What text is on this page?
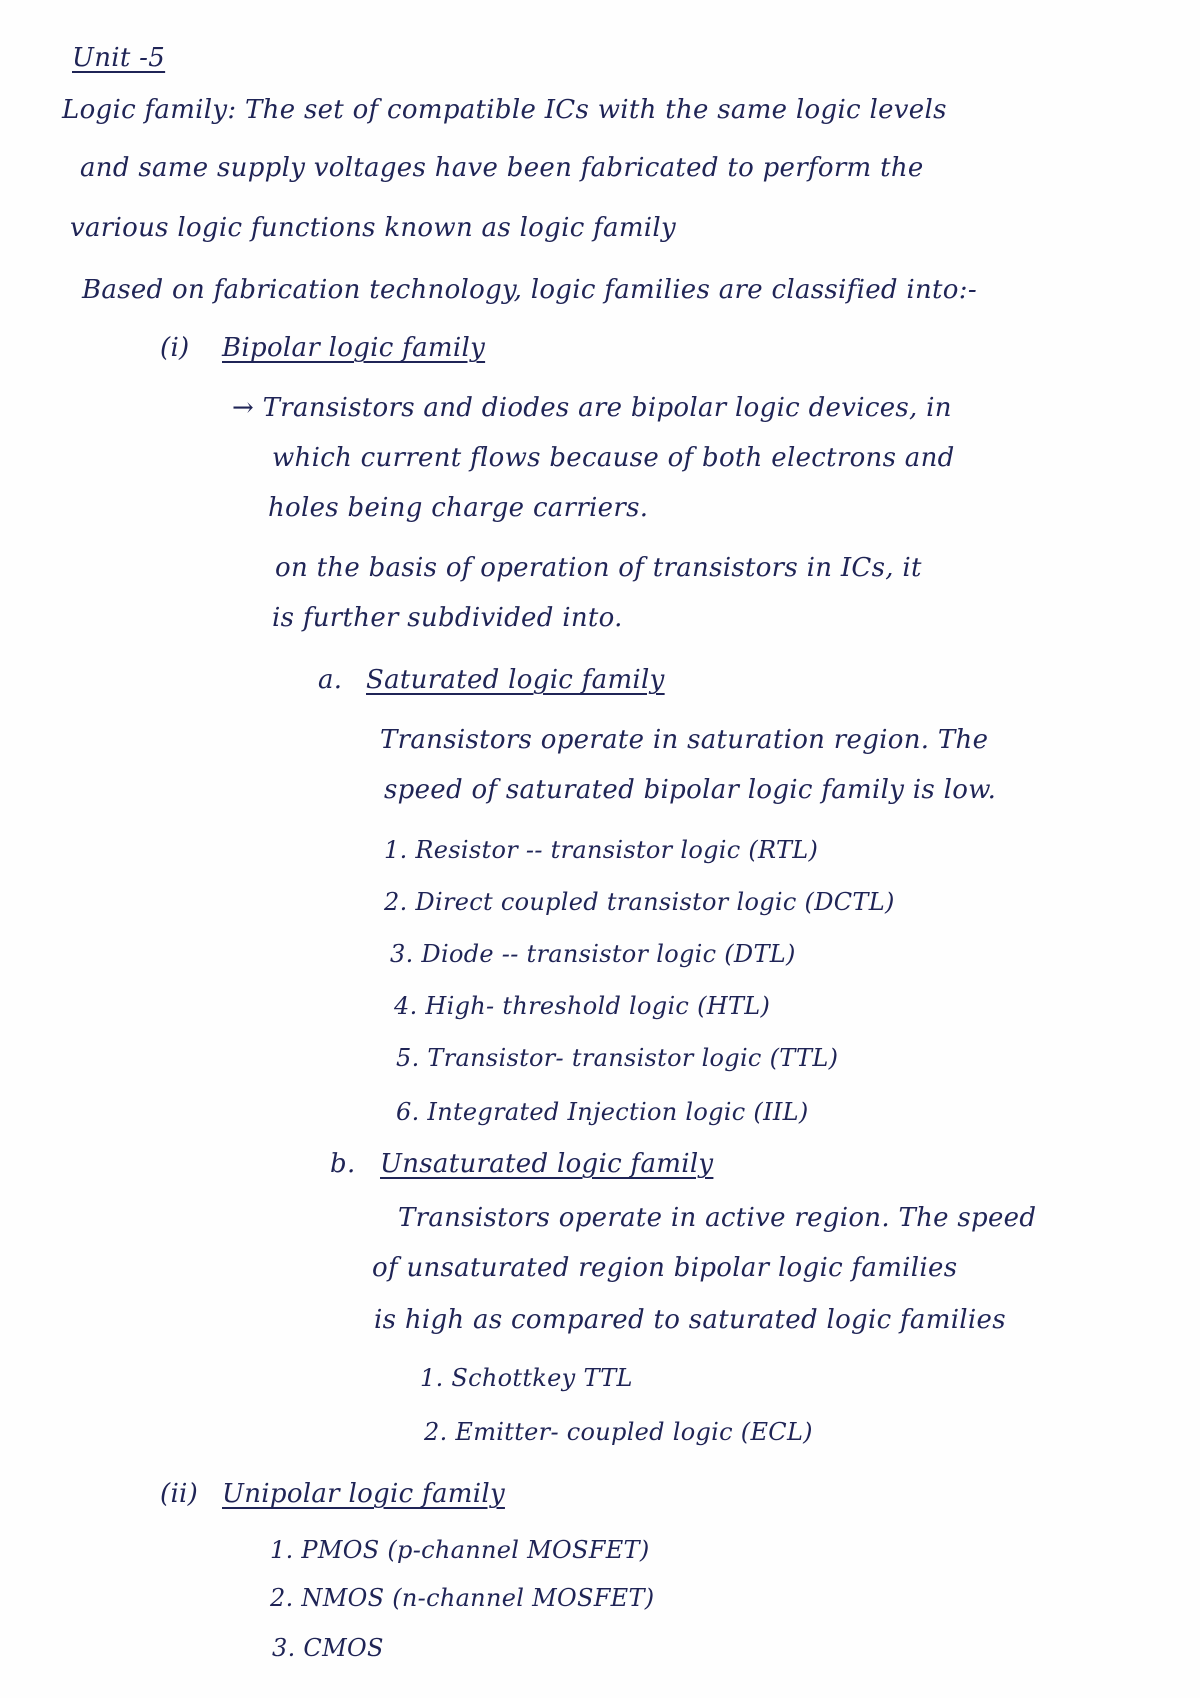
Unit -5
Logic family: The set of compatible ICs with the same logic levels
and same supply voltages have been fabricated to perform the
various logic functions known as logic family
Based on fabrication technology, logic families are classified into:-
(i) Bipolar logic family
→ Transistors and diodes are bipolar logic devices, in
which current flows because of both electrons and
holes being charge carriers.
on the basis of operation of transistors in ICs, it
is further subdivided into.
a. Saturated logic family
Transistors operate in saturation region. The
speed of saturated bipolar logic family is low.
1. Resistor -- transistor logic (RTL)
2. Direct coupled transistor logic (DCTL)
3. Diode -- transistor logic (DTL)
4. High- threshold logic (HTL)
5. Transistor- transistor logic (TTL)
6. Integrated Injection logic (IIL)
b. Unsaturated logic family
Transistors operate in active region. The speed
of unsaturated region bipolar logic families
is high as compared to saturated logic families
1. Schottkey TTL
2. Emitter- coupled logic (ECL)
(ii) Unipolar logic family
1. PMOS (p-channel MOSFET)
2. NMOS (n-channel MOSFET)
3. CMOS
